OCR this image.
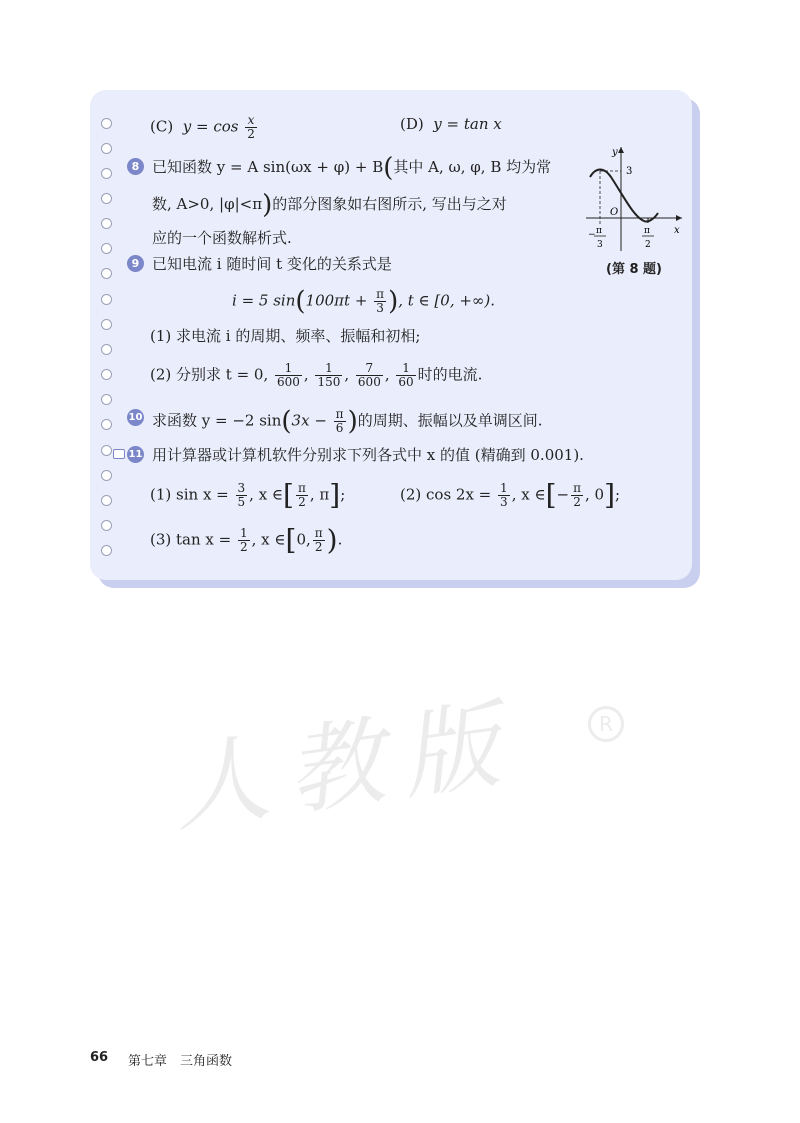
(C) $y = \cos \frac{x}{2}$	(D) y = tan x
8 已知函数 y = A sin(ωx + φ) + B(其中 A, ω, φ, B 均为常
数, A>0, |φ|<π)的部分图象如右图所示, 写出与之对
应的一个函数解析式.
y
x
O
3
− π
3
π
2
(第 8 题)
9 已知电流 i 随时间 t 变化的关系式是
i = 5 $\sin(100\pi t + \frac{\pi}{3}$ ), t ∈ [0, +∞).
(1) 求电流 i 的周期、频率、振幅和初相;
(2) 分别求 t = 0, $\frac{1}{600}$ , $\frac{1}{150}$ , $\frac{7}{600}$ , $\frac{1}{60}$ 时的电流.
10 求函数 y = −2 $\sin(3x - \frac{\pi}{6}$ )的周期、振幅以及单调区间.
11 用计算器或计算机软件分别求下列各式中 x 的值 (精确到 0.001).
(1) $\sin x = \frac{3}{5}$ , x ∈[ $\frac{\pi}{2}$ , π];	(2) $\cos 2x = \frac{1}{3}$ , x ∈[− $\frac{\pi}{2}$ , 0];
(3) $\tan x = \frac{1}{2}$ , x ∈[0, $\frac{\pi}{2}$ ).
人教版	R
66 第七章　三角函数
